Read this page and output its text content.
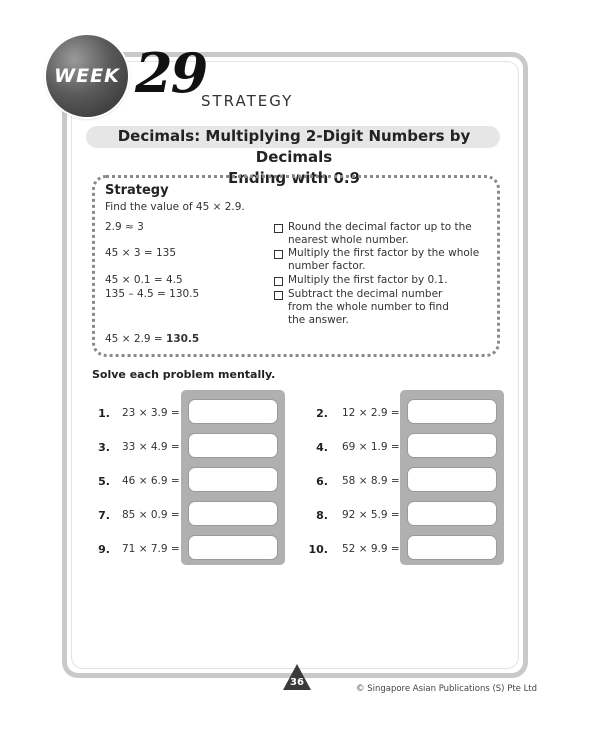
WEEK 29
STRATEGY
Decimals: Multiplying 2-Digit Numbers by Decimals
Ending with 0.9
Strategy
Find the value of 45 × 2.9.
2.9 ≈ 3	Round the decimal factor up to the nearest whole number.
45 × 3 = 135	Multiply the first factor by the whole number factor.
45 × 0.1 = 4.5	Multiply the first factor by 0.1.
135 – 4.5 = 130.5	Subtract the decimal number from the whole number to find the answer.
45 × 2.9 = 130.5
Solve each problem mentally.
1. 23 × 3.9 =
3. 33 × 4.9 =
5. 46 × 6.9 =
7. 85 × 0.9 =
9. 71 × 7.9 =
2. 12 × 2.9 =
4. 69 × 1.9 =
6. 58 × 8.9 =
8. 92 × 5.9 =
10. 52 × 9.9 =
36
© Singapore Asian Publications (S) Pte Ltd
